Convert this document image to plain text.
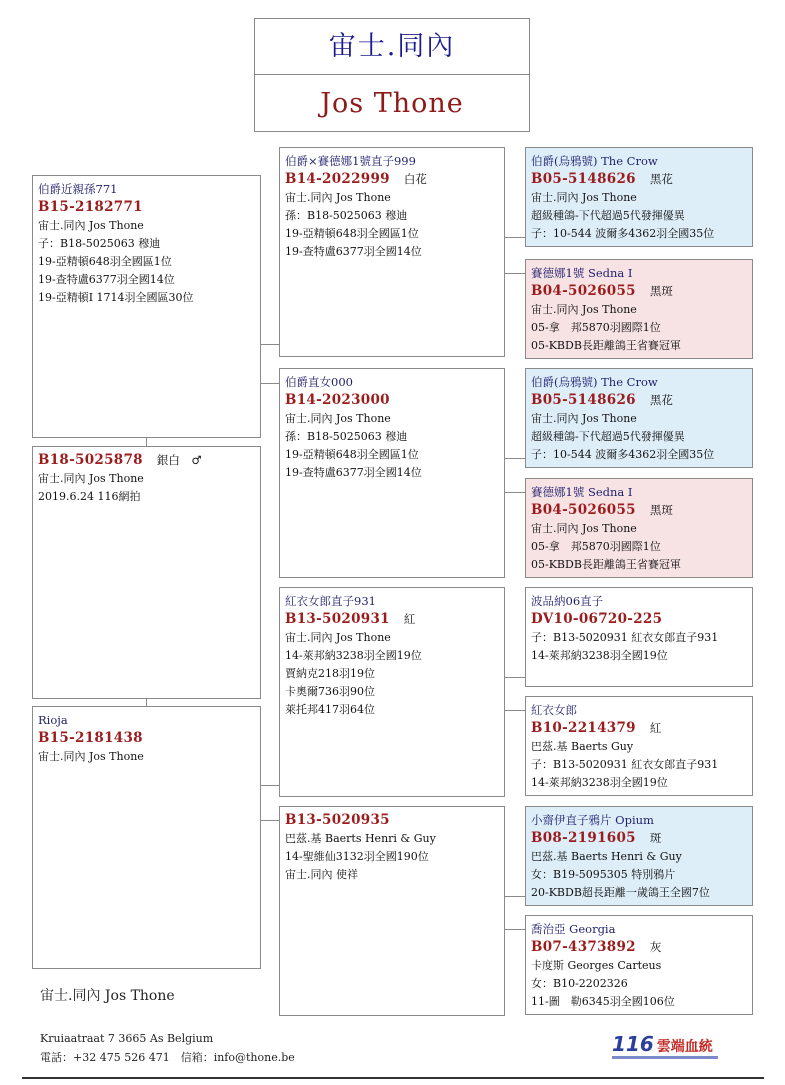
宙士.同內
Jos Thone
伯爵近親孫771
B15-2182771
宙士.同內 Jos Thone
子：B18-5025063 穆迪
19-亞精頓648羽全國區1位
19-查特盧6377羽全國14位
19-亞精頓I 1714羽全國區30位
B18-5025878 銀白　♂
宙士.同內 Jos Thone
2019.6.24 116網拍
Rioja
B15-2181438
宙士.同內 Jos Thone
伯爵×賽德娜1號直子999
B14-2022999 白花
宙士.同內 Jos Thone
孫：B18-5025063 穆迪
19-亞精頓648羽全國區1位
19-查特盧6377羽全國14位
伯爵直女000
B14-2023000
宙士.同內 Jos Thone
孫：B18-5025063 穆迪
19-亞精頓648羽全國區1位
19-查特盧6377羽全國14位
紅衣女郎直子931
B13-5020931 紅
宙士.同內 Jos Thone
14-萊邦納3238羽全國19位
賈納克218羽19位
卡奧爾736羽90位
萊托邦417羽64位
B13-5020935
巴茲.基 Baerts Henri & Guy
14-聖維仙3132羽全國190位
宙士.同內 使祥
伯爵(烏鴉號) The Crow
B05-5148626 黑花
宙士.同內 Jos Thone
超級種鴿-下代超過5代發揮優異
子：10-544 波爾多4362羽全國35位
賽德娜1號 Sedna I
B04-5026055 黑斑
宙士.同內 Jos Thone
05-拿　邦5870羽國際1位
05-KBDB長距離鴿王省賽冠軍
伯爵(烏鴉號) The Crow
B05-5148626 黑花
宙士.同內 Jos Thone
超級種鴿-下代超過5代發揮優異
子：10-544 波爾多4362羽全國35位
賽德娜1號 Sedna I
B04-5026055 黑斑
宙士.同內 Jos Thone
05-拿　邦5870羽國際1位
05-KBDB長距離鴿王省賽冠軍
波品納06直子
DV10-06720-225
子：B13-5020931 紅衣女郎直子931
14-萊邦納3238羽全國19位
紅衣女郎
B10-2214379 紅
巴茲.基 Baerts Guy
子：B13-5020931 紅衣女郎直子931
14-萊邦納3238羽全國19位
小齋伊直子鴉片 Opium
B08-2191605 斑
巴茲.基 Baerts Henri & Guy
女：B19-5095305 特別鴉片
20-KBDB超長距離一歲鴿王全國7位
喬治亞 Georgia
B07-4373892 灰
卡度斯 Georges Carteus
女：B10-2202326
11-圖　勒6345羽全國106位
宙士.同內 Jos Thone
Kruiaatraat 7 3665 As Belgium
電話：+32 475 526 471　信箱：info@thone.be
116 雲端血統
